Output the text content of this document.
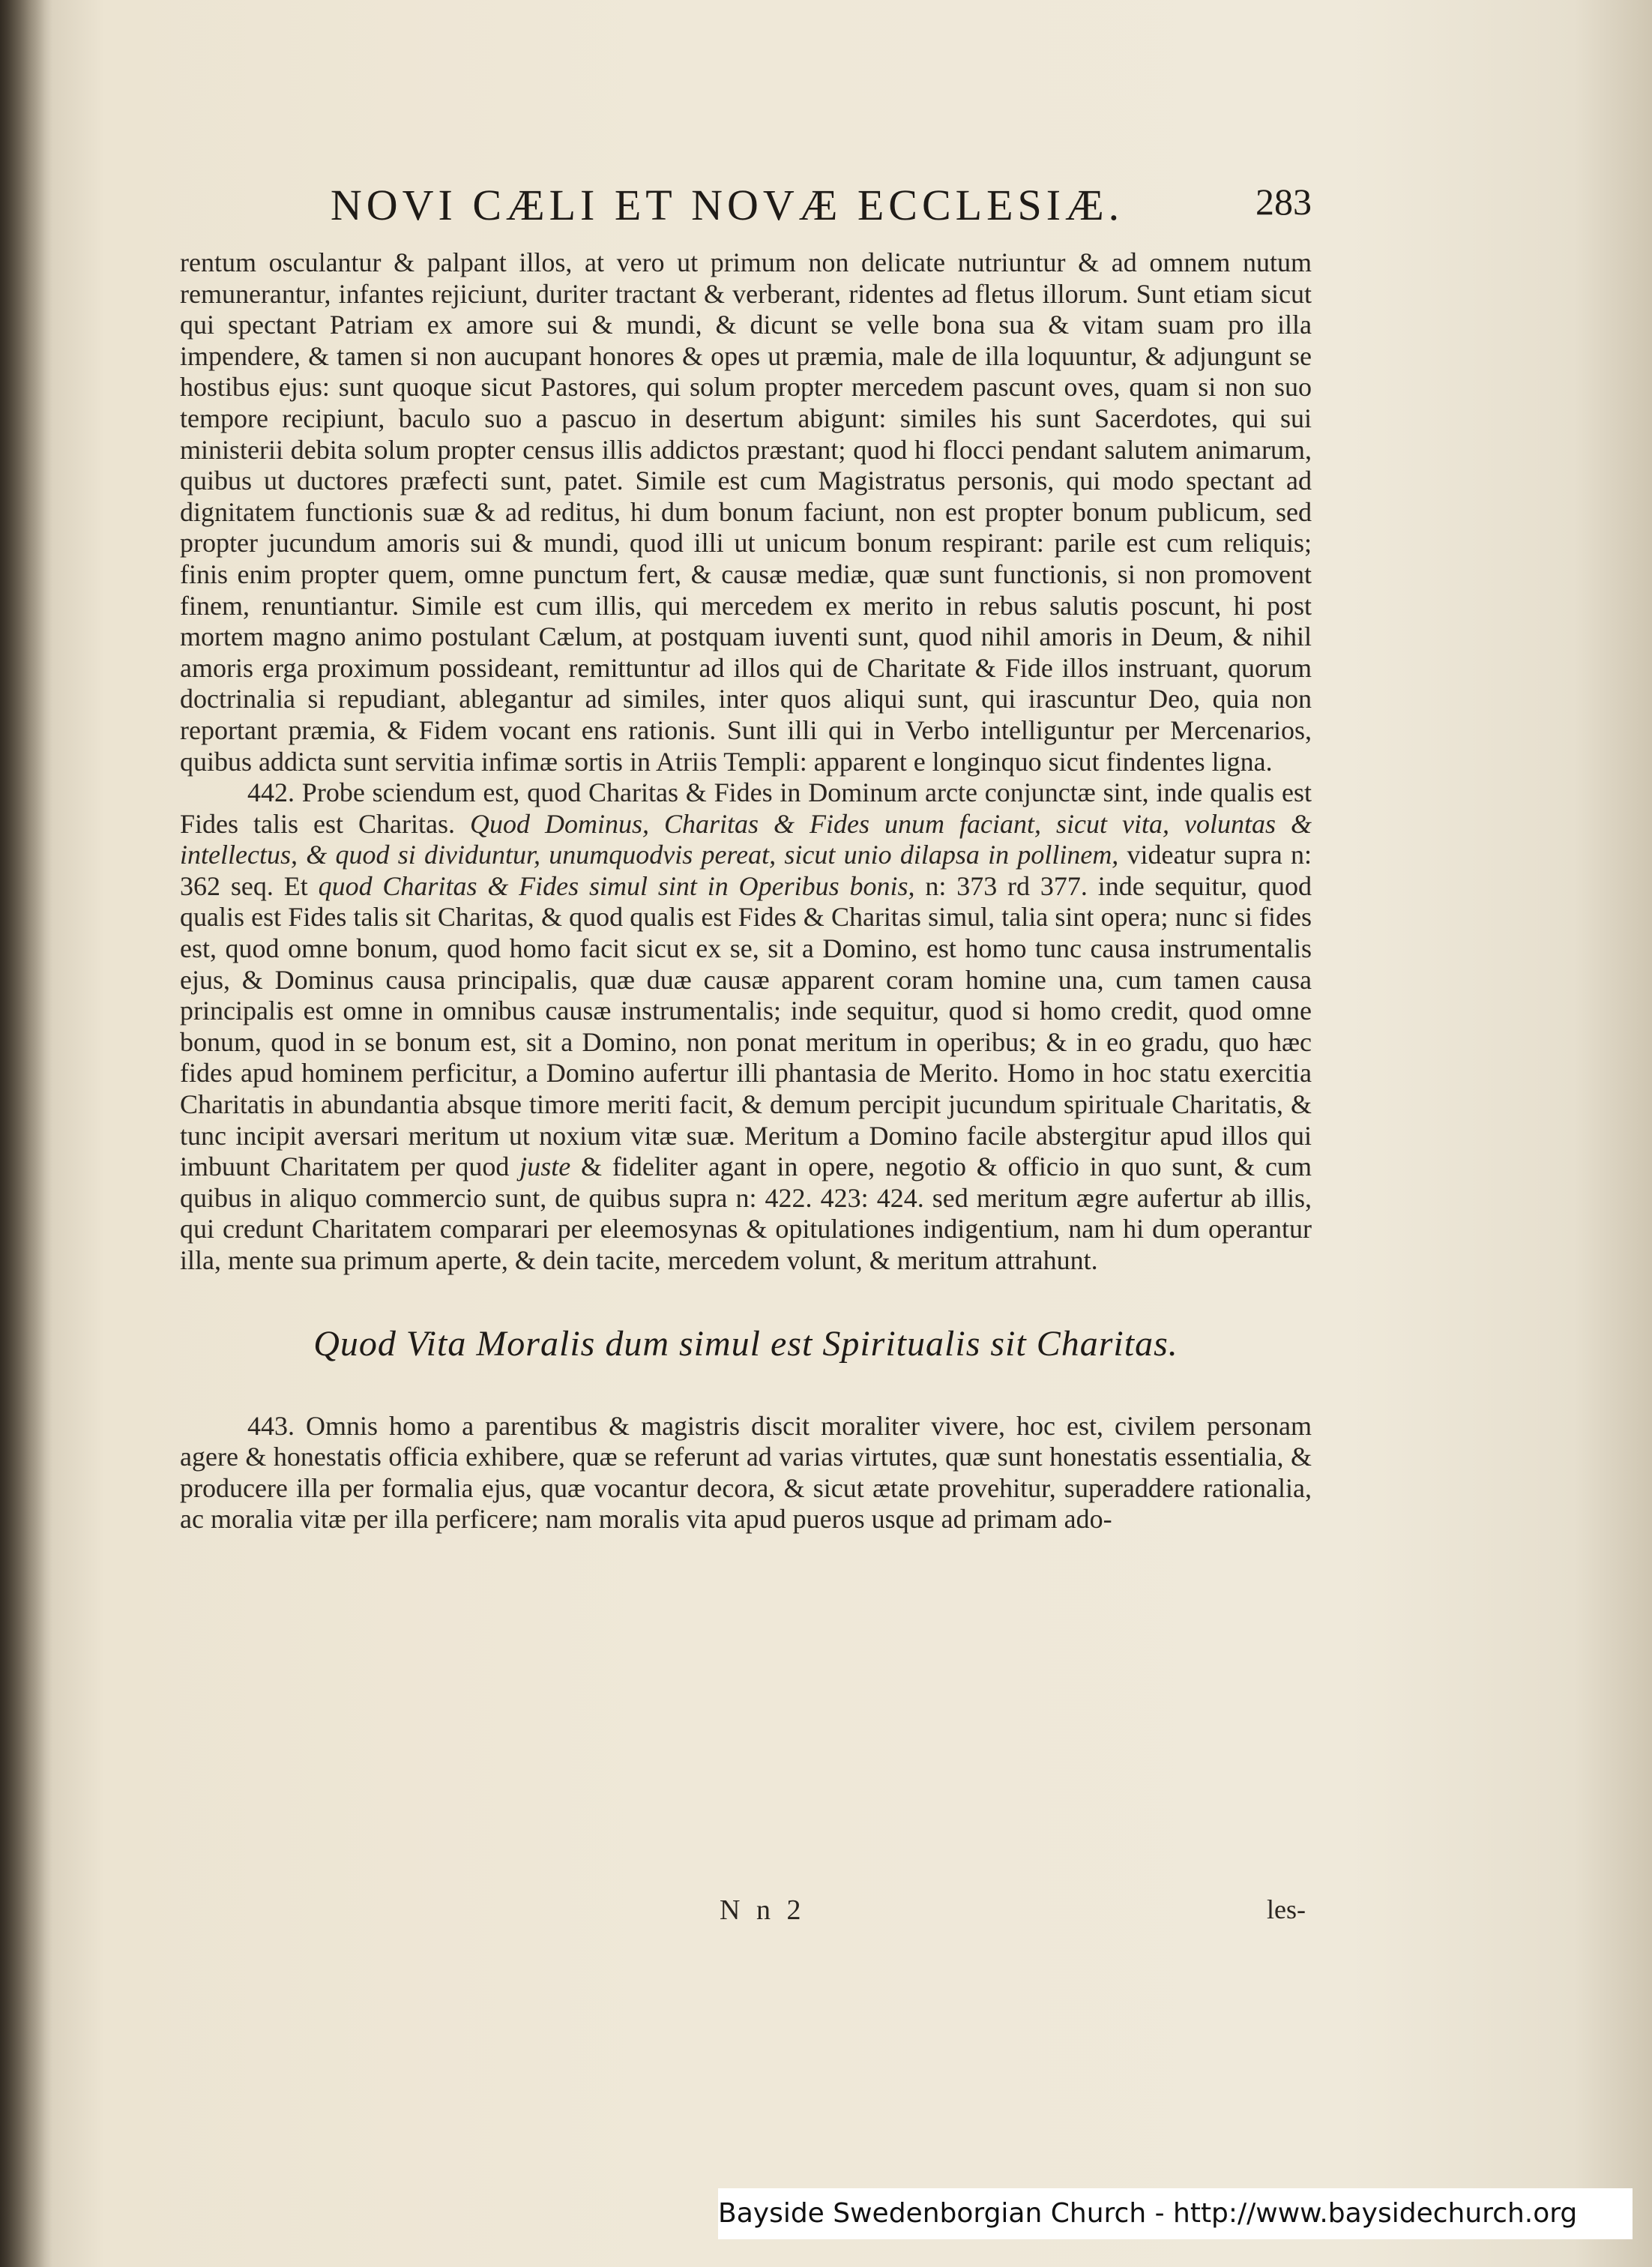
NOVI CÆLI ET NOVÆ ECCLESIÆ.	283

rentum osculantur & palpant illos, at vero ut primum non delicate nutriuntur & ad omnem nutum remunerantur, infantes rejiciunt, duriter tractant & verberant, ridentes ad fletus illorum. Sunt etiam sicut qui spectant Patriam ex amore sui & mundi, & dicunt se velle bona sua & vitam suam pro illa impendere, & tamen si non aucupant honores & opes ut præmia, male de illa loquuntur, & adjungunt se hostibus ejus: sunt quoque sicut Pastores, qui solum propter mercedem pascunt oves, quam si non suo tempore recipiunt, baculo suo a pascuo in desertum abigunt: similes his sunt Sacerdotes, qui sui ministerii debita solum propter census illis addictos præstant; quod hi flocci pendant salutem animarum, quibus ut ductores præfecti sunt, patet. Simile est cum Magistratus personis, qui modo spectant ad dignitatem functionis suæ & ad reditus, hi dum bonum faciunt, non est propter bonum publicum, sed propter jucundum amoris sui & mundi, quod illi ut unicum bonum respirant: parile est cum reliquis; finis enim propter quem, omne punctum fert, & causæ mediæ, quæ sunt functionis, si non promovent finem, renuntiantur. Simile est cum illis, qui mercedem ex merito in rebus salutis poscunt, hi post mortem magno animo postulant Cælum, at postquam iuventi sunt, quod nihil amoris in Deum, & nihil amoris erga proximum possideant, remittuntur ad illos qui de Charitate & Fide illos instruant, quorum doctrinalia si repudiant, ablegantur ad similes, inter quos aliqui sunt, qui irascuntur Deo, quia non reportant præmia, & Fidem vocant ens rationis. Sunt illi qui in Verbo intelliguntur per Mercenarios, quibus addicta sunt servitia infimæ sortis in Atriis Templi: apparent e longinquo sicut findentes ligna.

442. Probe sciendum est, quod Charitas & Fides in Dominum arcte conjunctæ sint, inde qualis est Fides talis est Charitas. Quod Dominus, Charitas & Fides unum faciant, sicut vita, voluntas & intellectus, & quod si dividuntur, unumquodvis pereat, sicut unio dilapsa in pollinem, videatur supra n: 362 seq. Et quod Charitas & Fides simul sint in Operibus bonis, n: 373 rd 377. inde sequitur, quod qualis est Fides talis sit Charitas, & quod qualis est Fides & Charitas simul, talia sint opera; nunc si fides est, quod omne bonum, quod homo facit sicut ex se, sit a Domino, est homo tunc causa instrumentalis ejus, & Dominus causa principalis, quæ duæ causæ apparent coram homine una, cum tamen causa principalis est omne in omnibus causæ instrumentalis; inde sequitur, quod si homo credit, quod omne bonum, quod in se bonum est, sit a Domino, non ponat meritum in operibus; & in eo gradu, quo hæc fides apud hominem perficitur, a Domino aufertur illi phantasia de Merito. Homo in hoc statu exercitia Charitatis in abundantia absque timore meriti facit, & demum percipit jucundum spirituale Charitatis, & tunc incipit aversari meritum ut noxium vitæ suæ. Meritum a Domino facile abstergitur apud illos qui imbuunt Charitatem per quod juste & fideliter agant in opere, negotio & officio in quo sunt, & cum quibus in aliquo commercio sunt, de quibus supra n: 422. 423: 424. sed meritum ægre aufertur ab illis, qui credunt Charitatem comparari per eleemosynas & opitulationes indigentium, nam hi dum operantur illa, mente sua primum aperte, & dein tacite, mercedem volunt, & meritum attrahunt.

Quod Vita Moralis dum simul est Spiritualis sit Charitas.

443. Omnis homo a parentibus & magistris discit moraliter vivere, hoc est, civilem personam agere & honestatis officia exhibere, quæ se referunt ad varias virtutes, quæ sunt honestatis essentialia, & producere illa per formalia ejus, quæ vocantur decora, & sicut ætate provehitur, superaddere rationalia, ac moralia vitæ per illa perficere; nam moralis vita apud pueros usque ad primam ado-

N n 2	les-
Bayside Swedenborgian Church - http://www.baysidechurch.org
